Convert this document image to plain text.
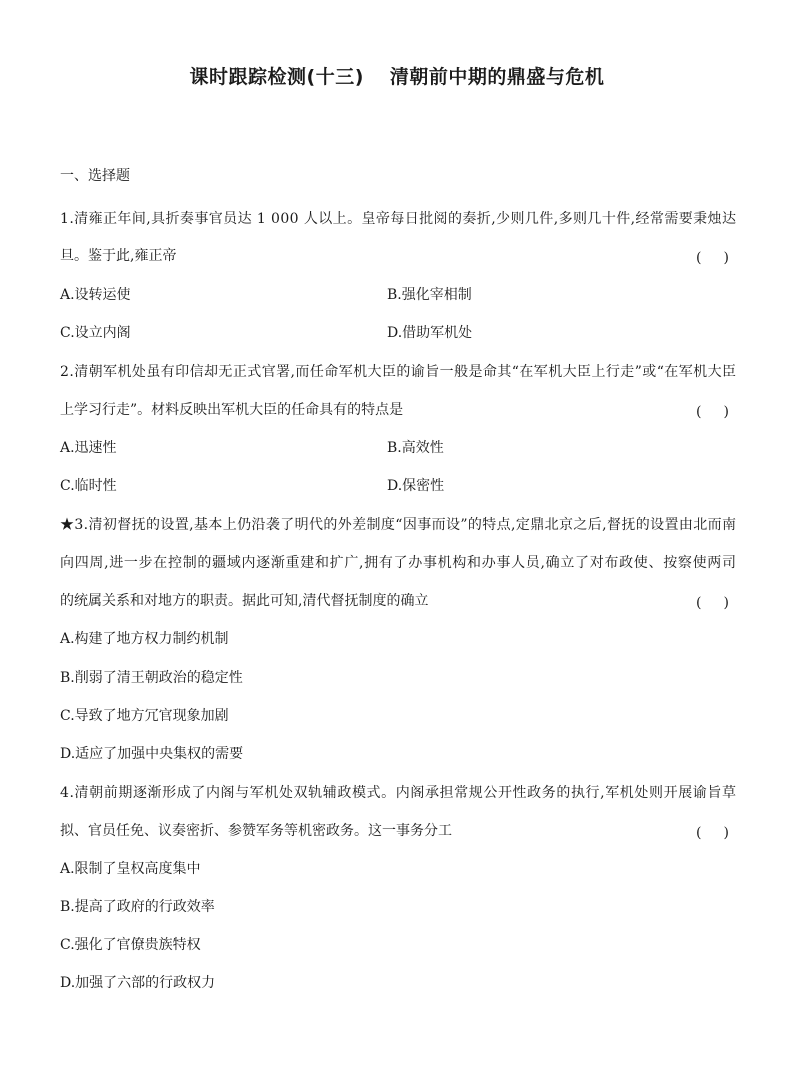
课时跟踪检测(十三) 清朝前中期的鼎盛与危机
一、选择题
1.清雍正年间,具折奏事官员达 1 000 人以上。皇帝每日批阅的奏折,少则几件,多则几十件,经常需要秉烛达
旦。鉴于此,雍正帝	( )
A.设转运使	B.强化宰相制
C.设立内阁	D.借助军机处
2.清朝军机处虽有印信却无正式官署,而任命军机大臣的谕旨一般是命其“在军机大臣上行走”或“在军机大臣
上学习行走”。材料反映出军机大臣的任命具有的特点是	( )
A.迅速性	B.高效性
C.临时性	D.保密性
★3.清初督抚的设置,基本上仍沿袭了明代的外差制度“因事而设”的特点,定鼎北京之后,督抚的设置由北而南
向四周,进一步在控制的疆域内逐渐重建和扩广,拥有了办事机构和办事人员,确立了对布政使、按察使两司
的统属关系和对地方的职责。据此可知,清代督抚制度的确立	( )
A.构建了地方权力制约机制
B.削弱了清王朝政治的稳定性
C.导致了地方冗官现象加剧
D.适应了加强中央集权的需要
4.清朝前期逐渐形成了内阁与军机处双轨辅政模式。内阁承担常规公开性政务的执行,军机处则开展谕旨草
拟、官员任免、议奏密折、参赞军务等机密政务。这一事务分工	( )
A.限制了皇权高度集中
B.提高了政府的行政效率
C.强化了官僚贵族特权
D.加强了六部的行政权力
